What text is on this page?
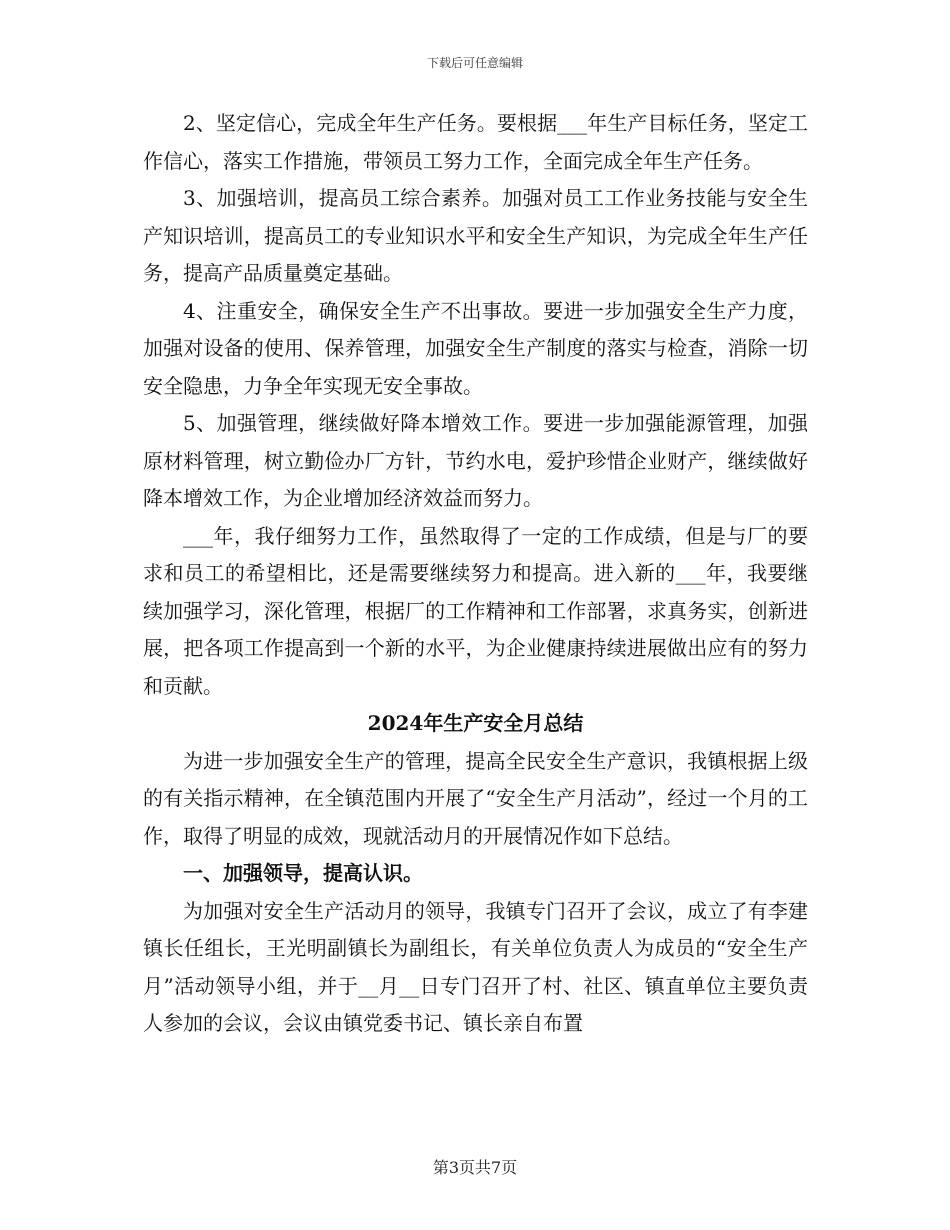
下载后可任意编辑

2、坚定信心，完成全年生产任务。要根据___年生产目标任务，坚定工作信心，落实工作措施，带领员工努力工作，全面完成全年生产任务。

3、加强培训，提高员工综合素养。加强对员工工作业务技能与安全生产知识培训，提高员工的专业知识水平和安全生产知识，为完成全年生产任务，提高产品质量奠定基础。

4、注重安全，确保安全生产不出事故。要进一步加强安全生产力度，加强对设备的使用、保养管理，加强安全生产制度的落实与检查，消除一切安全隐患，力争全年实现无安全事故。

5、加强管理，继续做好降本增效工作。要进一步加强能源管理，加强原材料管理，树立勤俭办厂方针，节约水电，爱护珍惜企业财产，继续做好降本增效工作，为企业增加经济效益而努力。

___年，我仔细努力工作，虽然取得了一定的工作成绩，但是与厂的要求和员工的希望相比，还是需要继续努力和提高。进入新的___年，我要继续加强学习，深化管理，根据厂的工作精神和工作部署，求真务实，创新进展，把各项工作提高到一个新的水平，为企业健康持续进展做出应有的努力和贡献。

2024年生产安全月总结

为进一步加强安全生产的管理，提高全民安全生产意识，我镇根据上级的有关指示精神，在全镇范围内开展了“安全生产月活动”，经过一个月的工作，取得了明显的成效，现就活动月的开展情况作如下总结。

一、加强领导，提高认识。

为加强对安全生产活动月的领导，我镇专门召开了会议，成立了有李建镇长任组长，王光明副镇长为副组长，有关单位负责人为成员的“安全生产月”活动领导小组，并于__月__日专门召开了村、社区、镇直单位主要负责人参加的会议，会议由镇党委书记、镇长亲自布置

第3页共7页
